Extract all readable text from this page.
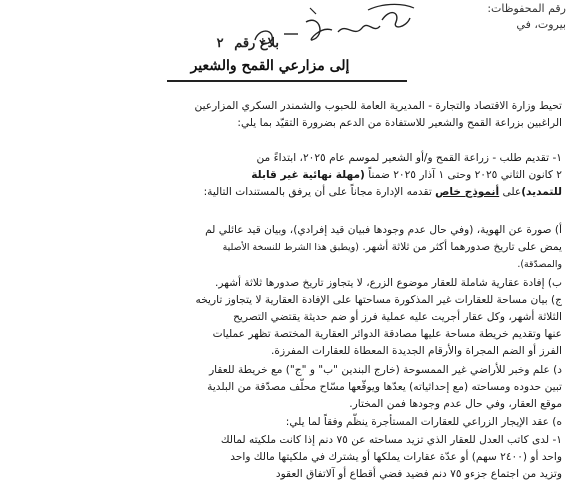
رقم المحفوظات:
بيروت، في
بلاغ رقم ٢
إلى مزارعي القمح والشعير
تحيط وزارة الاقتصاد والتجارة - المديرية العامة للحبوب والشمندر السكري المزارعين
الراغبين بزراعة القمح والشعير للاستفادة من الدعم بضرورة التقيّد بما يلي:
١- تقديم طلب - زراعة القمح و/أو الشعير لموسم عام ٢٠٢٥، ابتداءً من
٢ كانون الثاني ٢٠٢٥ وحتى ١ آذار ٢٠٢٥ ضمناً (مهلة نهائية غير قابلة
للتمديد)على أنموذج خاص تقدمه الإدارة مجاناً على أن يرفق بالمستندات التالية:
أ) صورة عن الهوية، (وفي حال عدم وجودها فبيان قيد إفرادي)، وبيان قيد عائلي لم
يمض على تاريخ صدورهما أكثر من ثلاثة أشهر. (ويطبق هذا الشرط للنسخة الأصلية
والمصدّقة).
ب) إفادة عقارية شاملة للعقار موضوع الزرع، لا يتجاوز تاريخ صدورها ثلاثة أشهر.
ج) بيان مساحة للعقارات غير المذكورة مساحتها على الإفادة العقارية لا يتجاوز تاريخه
الثلاثة أشهر، وكل عقار أجريت عليه عملية فرز أو ضم حديثة يقتضي التصريح
عنها وتقديم خريطة مساحة عليها مصادقة الدوائر العقارية المختصة تظهر عمليات
الفرز أو الضم المجراة والأرقام الجديدة المعطاة للعقارات المفرزة.
د) علم وخبر للأراضي غير الممسوحة (خارج البندين "ب" و "ج") مع خريطة للعقار
تبين حدوده ومساحته (مع إحداثياته) يعدّها ويوقّعها مسّاح محلّف مصدّقة من البلدية
موقع العقار، وفي حال عدم وجودها فمن المختار.
ه) عقد الإيجار الزراعي للعقارات المستأجرة ينظّم وفقاً لما يلي:
١- لدى كاتب العدل للعقار الذي تزيد مساحته عن ٧٥ دنم إذا كانت ملكيته لمالك
واحد أو (٢٤٠٠ سهم) أو عدّة عقارات يملكها أو يشترك في ملكيتها مالك واحد
وتزيد من اجتماع جزءو ٧٥ دنم فضيد فضي أقطاع أو آلاتفاق العقود
